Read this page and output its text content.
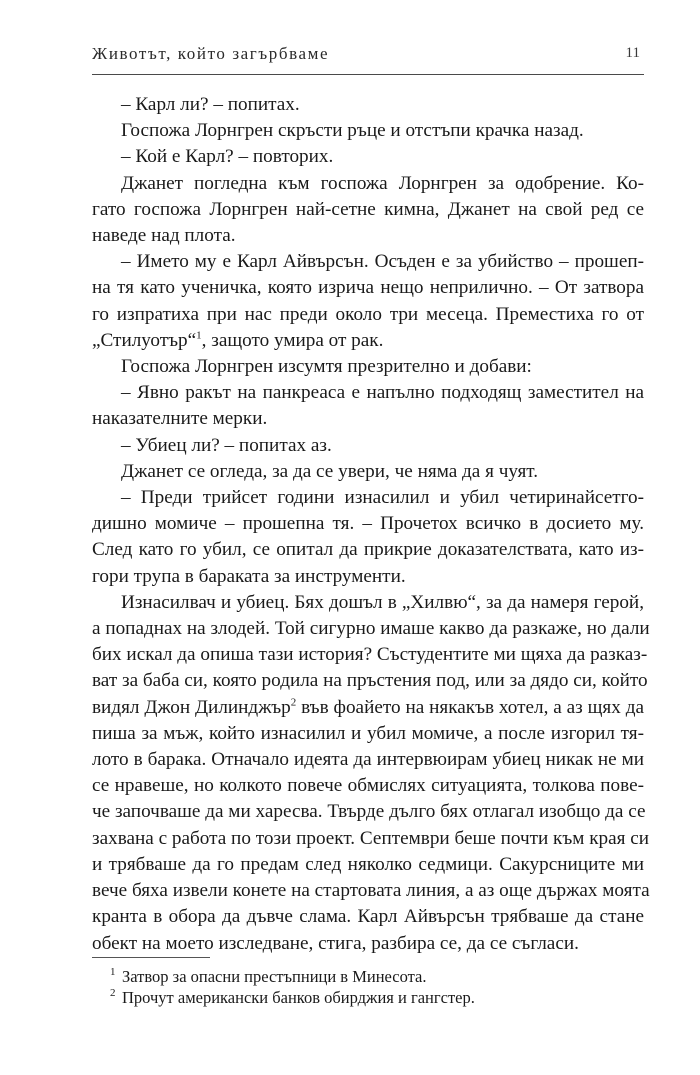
Животът, който загърбваме	11
– Карл ли? – попитах.
Госпожа Лорнгрен скръсти ръце и отстъпи крачка назад.
– Кой е Карл? – повторих.
Джанет погледна към госпожа Лорнгрен за одобрение. Ко-
гато госпожа Лорнгрен най-сетне кимна, Джанет на свой ред се
наведе над плота.
– Името му е Карл Айвърсън. Осъден е за убийство – прошеп-
на тя като ученичка, която изрича нещо неприлично. – От затвора
го изпратиха при нас преди около три месеца. Преместиха го от
„Стилуотър“$^1$, защото умира от рак.
Госпожа Лорнгрен изсумтя презрително и добави:
– Явно ракът на панкреаса е напълно подходящ заместител на
наказателните мерки.
– Убиец ли? – попитах аз.
Джанет се огледа, за да се увери, че няма да я чуят.
– Преди трийсет години изнасилил и убил четиринайсетго-
дишно момиче – прошепна тя. – Прочетох всичко в досието му.
След като го убил, се опитал да прикрие доказателствата, като из-
гори трупа в бараката за инструменти.
Изнасилвач и убиец. Бях дошъл в „Хилвю“, за да намеря герой,
а попаднах на злодей. Той сигурно имаше какво да разкаже, но дали
бих искал да опиша тази история? Състудентите ми щяха да разказ-
ват за баба си, която родила на пръстения под, или за дядо си, който
видял Джон Дилинджър$^2$ във фоайето на някакъв хотел, а аз щях да
пиша за мъж, който изнасилил и убил момиче, а после изгорил тя-
лото в барака. Отначало идеята да интервюирам убиец никак не ми
се нравеше, но колкото повече обмислях ситуацията, толкова пове-
че започваше да ми харесва. Твърде дълго бях отлагал изобщо да се
захвана с работа по този проект. Септември беше почти към края си
и трябваше да го предам след няколко седмици. Сакурсниците ми
вече бяха извели конете на стартовата линия, а аз още държах моята
кранта в обора да дъвче слама. Карл Айвърсън трябваше да стане
обект на моето изследване, стига, разбира се, да се съгласи.
1 Затвор за опасни престъпници в Минесота.
2 Прочут американски банков обирджия и гангстер.
